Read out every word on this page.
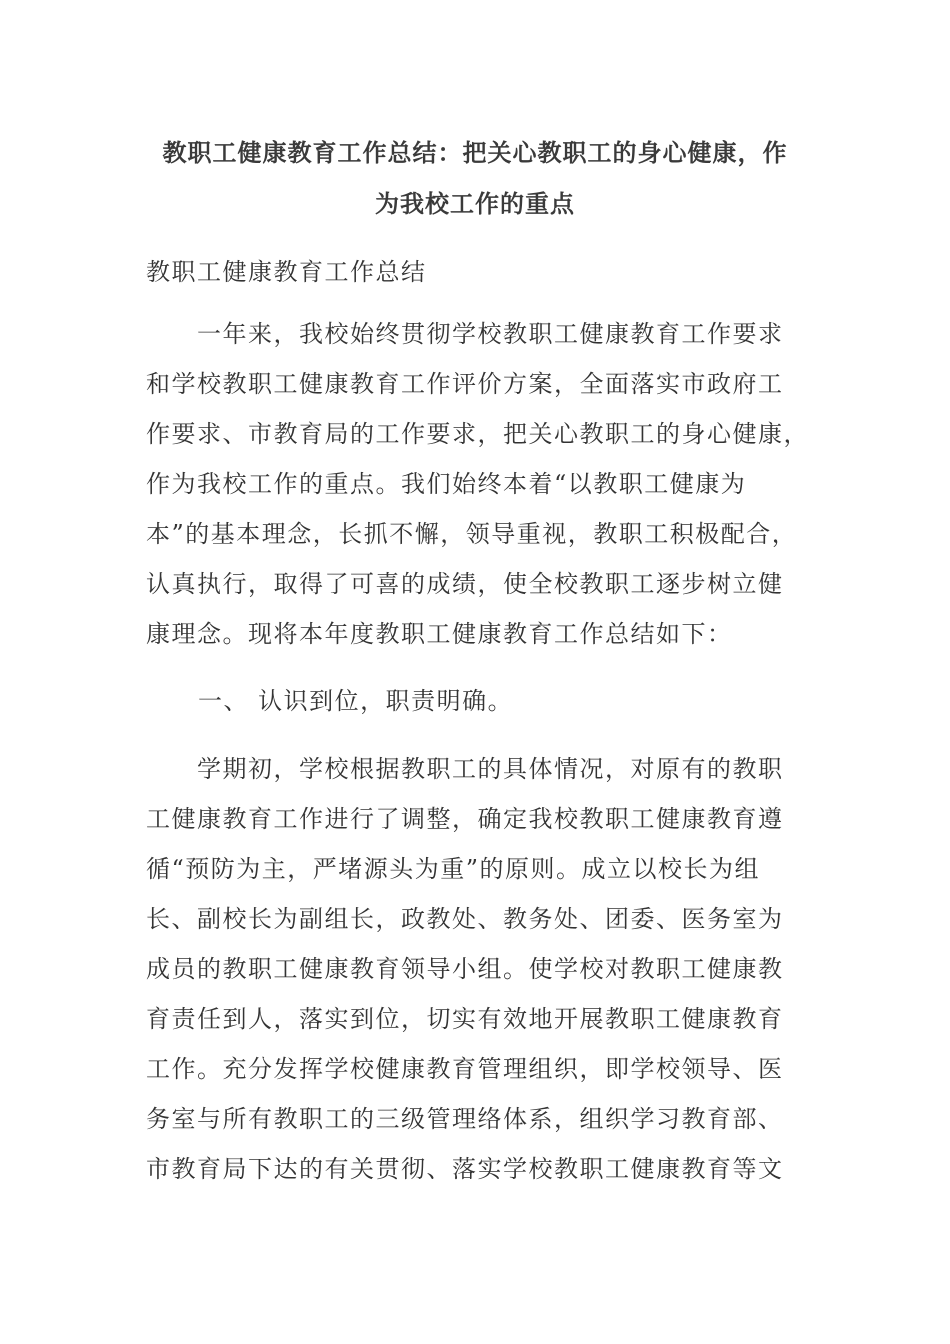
教职工健康教育工作总结：把关心教职工的身心健康，作
为我校工作的重点
教职工健康教育工作总结
　　一年来，我校始终贯彻学校教职工健康教育工作要求
和学校教职工健康教育工作评价方案，全面落实市政府工
作要求、市教育局的工作要求，把关心教职工的身心健康，
作为我校工作的重点。我们始终本着“以教职工健康为
本”的基本理念，长抓不懈，领导重视，教职工积极配合，
认真执行，取得了可喜的成绩，使全校教职工逐步树立健
康理念。现将本年度教职工健康教育工作总结如下：
一、 认识到位，职责明确。
　　学期初，学校根据教职工的具体情况，对原有的教职
工健康教育工作进行了调整，确定我校教职工健康教育遵
循“预防为主，严堵源头为重”的原则。成立以校长为组
长、副校长为副组长，政教处、教务处、团委、医务室为
成员的教职工健康教育领导小组。使学校对教职工健康教
育责任到人，落实到位，切实有效地开展教职工健康教育
工作。充分发挥学校健康教育管理组织，即学校领导、医
务室与所有教职工的三级管理络体系，组织学习教育部、
市教育局下达的有关贯彻、落实学校教职工健康教育等文
